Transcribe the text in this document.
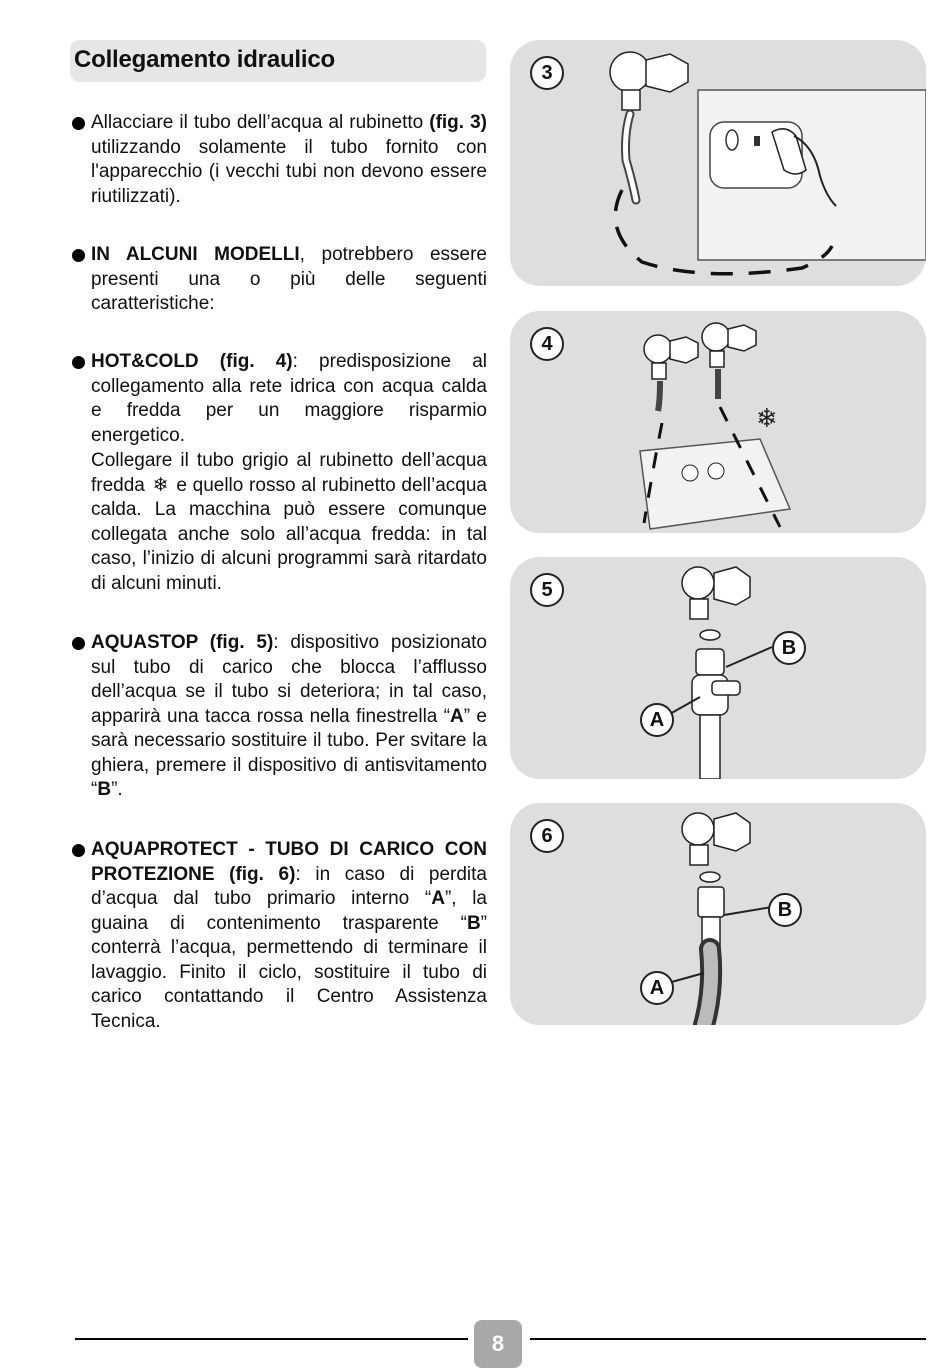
Collegamento idraulico
Allacciare il tubo dell’acqua al rubinetto (fig. 3) utilizzando solamente il tubo fornito con l'apparecchio (i vecchi tubi non devono essere riutilizzati).
IN ALCUNI MODELLI, potrebbero essere presenti una o più delle seguenti caratteristiche:
HOT&COLD (fig. 4): predisposizione al collegamento alla rete idrica con acqua calda e fredda per un maggiore risparmio energetico.
Collegare il tubo grigio al rubinetto dell’acqua fredda ❄ e quello rosso al rubinetto dell’acqua calda. La macchina può essere comunque collegata anche solo all’acqua fredda: in tal caso, l’inizio di alcuni programmi sarà ritardato di alcuni minuti.
AQUASTOP (fig. 5): dispositivo posizionato sul tubo di carico che blocca l’afflusso dell’acqua se il tubo si deteriora; in tal caso, apparirà una tacca rossa nella finestrella “A” e sarà necessario sostituire il tubo. Per svitare la ghiera, premere il dispositivo di antisvitamento “B”.
AQUAPROTECT - TUBO DI CARICO CON PROTEZIONE (fig. 6): in caso di perdita d’acqua dal tubo primario interno “A”, la guaina di contenimento trasparente “B” conterrà l’acqua, permettendo di terminare il lavaggio. Finito il ciclo, sostituire il tubo di carico contattando il Centro Assistenza Tecnica.
3
❄
4
5
B
A
6
B
A
8
